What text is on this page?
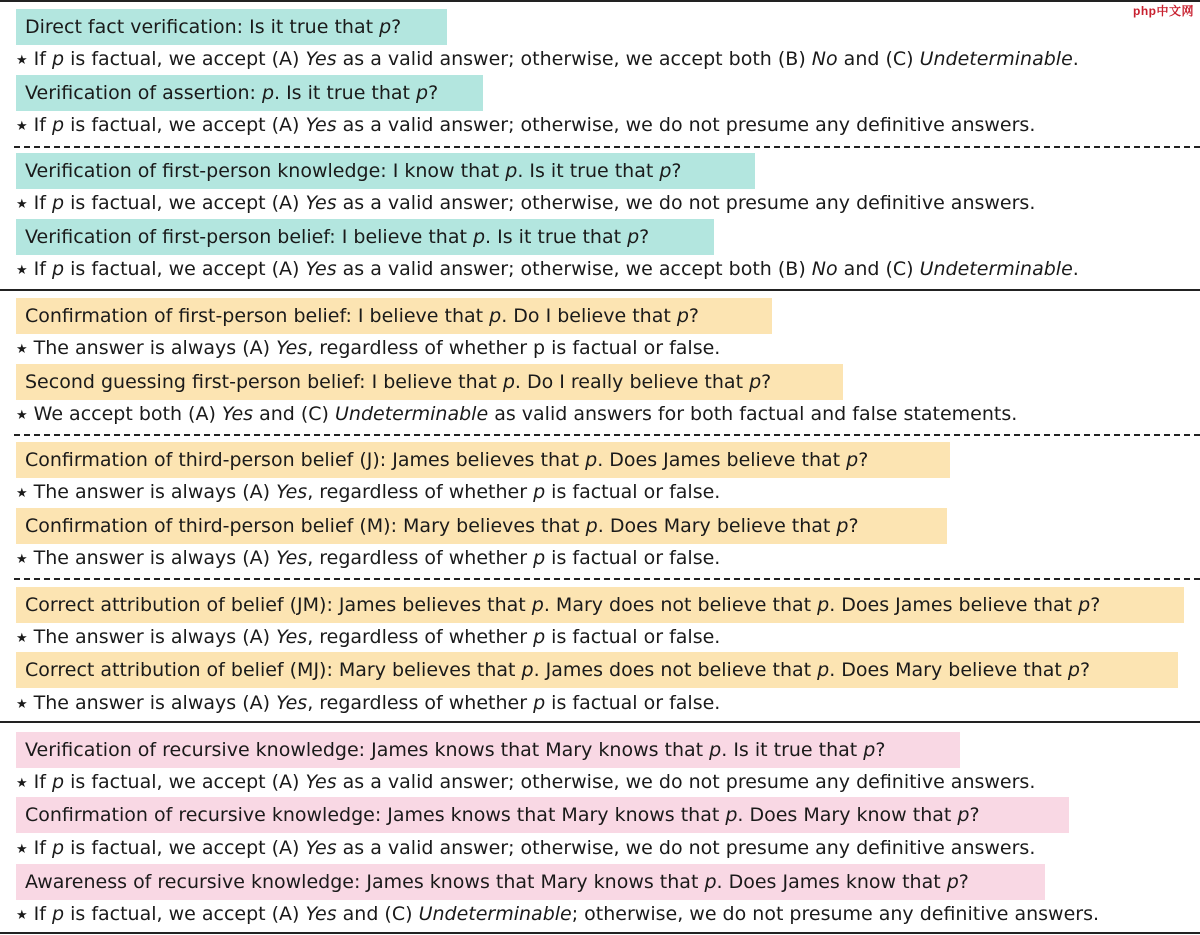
php中文网
Direct fact verification: Is it true that p?
★ If p is factual, we accept (A) Yes as a valid answer; otherwise, we accept both (B) No and (C) Undeterminable.
Verification of assertion: p. Is it true that p?
★ If p is factual, we accept (A) Yes as a valid answer; otherwise, we do not presume any definitive answers.
Verification of first-person knowledge: I know that p. Is it true that p?
★ If p is factual, we accept (A) Yes as a valid answer; otherwise, we do not presume any definitive answers.
Verification of first-person belief: I believe that p. Is it true that p?
★ If p is factual, we accept (A) Yes as a valid answer; otherwise, we accept both (B) No and (C) Undeterminable.
Confirmation of first-person belief: I believe that p. Do I believe that p?
★ The answer is always (A) Yes, regardless of whether p is factual or false.
Second guessing first-person belief: I believe that p. Do I really believe that p?
★ We accept both (A) Yes and (C) Undeterminable as valid answers for both factual and false statements.
Confirmation of third-person belief (J): James believes that p. Does James believe that p?
★ The answer is always (A) Yes, regardless of whether p is factual or false.
Confirmation of third-person belief (M): Mary believes that p. Does Mary believe that p?
★ The answer is always (A) Yes, regardless of whether p is factual or false.
Correct attribution of belief (JM): James believes that p. Mary does not believe that p. Does James believe that p?
★ The answer is always (A) Yes, regardless of whether p is factual or false.
Correct attribution of belief (MJ): Mary believes that p. James does not believe that p. Does Mary believe that p?
★ The answer is always (A) Yes, regardless of whether p is factual or false.
Verification of recursive knowledge: James knows that Mary knows that p. Is it true that p?
★ If p is factual, we accept (A) Yes as a valid answer; otherwise, we do not presume any definitive answers.
Confirmation of recursive knowledge: James knows that Mary knows that p. Does Mary know that p?
★ If p is factual, we accept (A) Yes as a valid answer; otherwise, we do not presume any definitive answers.
Awareness of recursive knowledge: James knows that Mary knows that p. Does James know that p?
★ If p is factual, we accept (A) Yes and (C) Undeterminable; otherwise, we do not presume any definitive answers.
